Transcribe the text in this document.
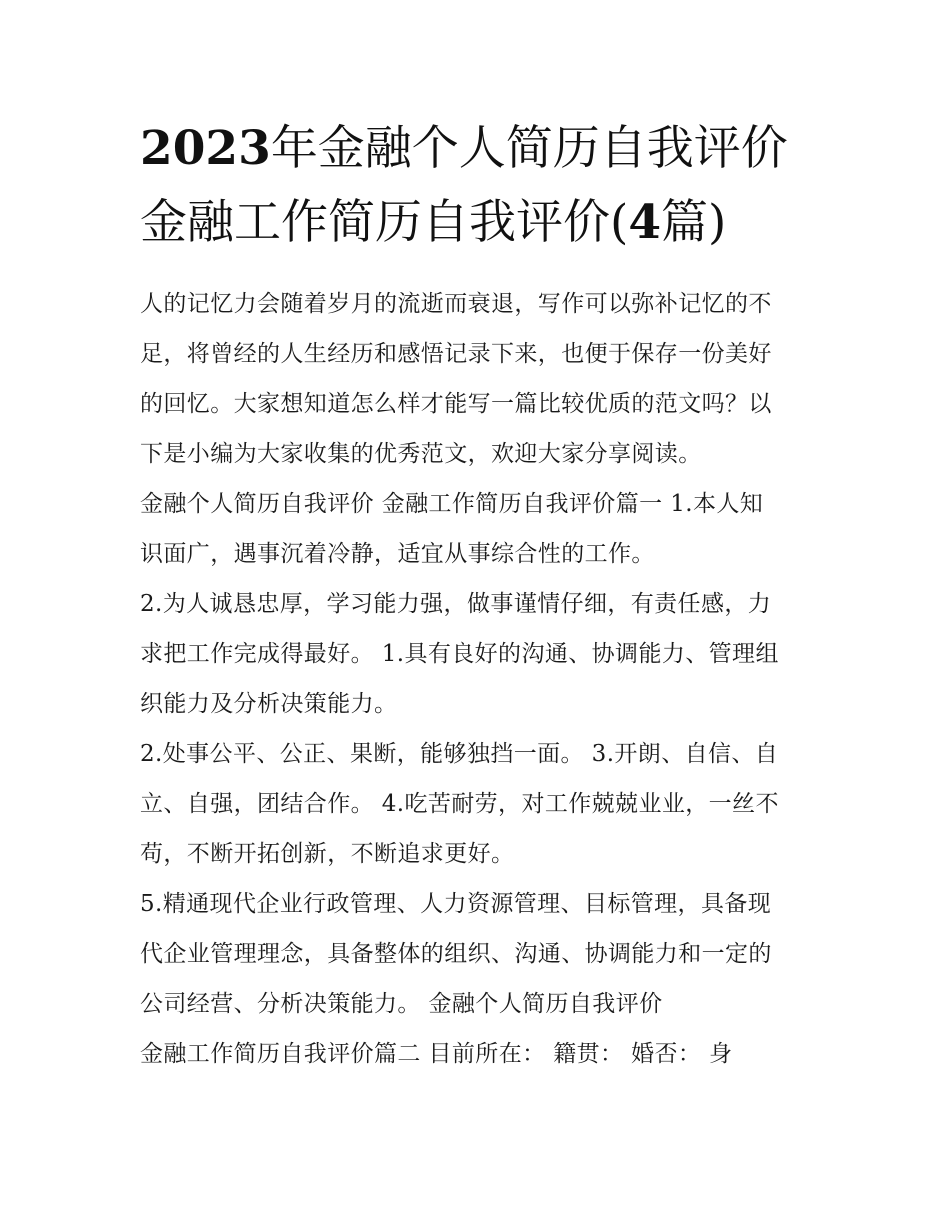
2023年金融个人简历自我评价
金融工作简历自我评价(4篇)

人的记忆力会随着岁月的流逝而衰退，写作可以弥补记忆的不
足，将曾经的人生经历和感悟记录下来，也便于保存一份美好
的回忆。大家想知道怎么样才能写一篇比较优质的范文吗？以
下是小编为大家收集的优秀范文，欢迎大家分享阅读。

金融个人简历自我评价 金融工作简历自我评价篇一 1.本人知
识面广，遇事沉着冷静，适宜从事综合性的工作。

2.为人诚恳忠厚，学习能力强，做事谨情仔细，有责任感，力
求把工作完成得最好。 1.具有良好的沟通、协调能力、管理组
织能力及分析决策能力。

2.处事公平、公正、果断，能够独挡一面。 3.开朗、自信、自
立、自强，团结合作。 4.吃苦耐劳，对工作兢兢业业，一丝不
苟，不断开拓创新，不断追求更好。

5.精通现代企业行政管理、人力资源管理、目标管理，具备现
代企业管理理念，具备整体的组织、沟通、协调能力和一定的
公司经营、分析决策能力。 金融个人简历自我评价

金融工作简历自我评价篇二 目前所在： 籍贯： 婚否： 身
